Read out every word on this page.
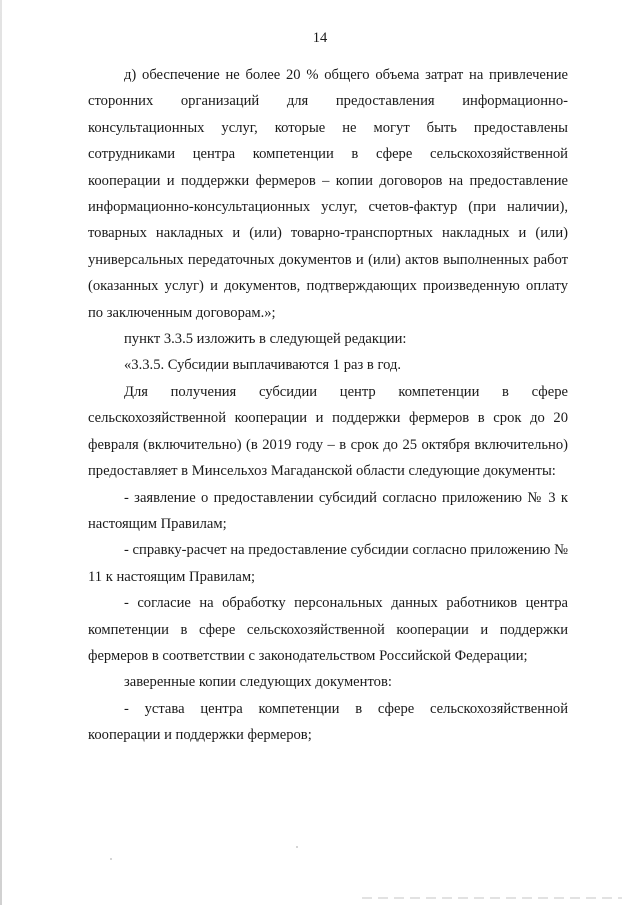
14

д) обеспечение не более 20 % общего объема затрат на привлечение сторонних организаций для предоставления информационно-консультационных услуг, которые не могут быть предоставлены сотрудниками центра компетенции в сфере сельскохозяйственной кооперации и поддержки фермеров – копии договоров на предоставление информационно-консультационных услуг, счетов-фактур (при наличии), товарных накладных и (или) товарно-транспортных накладных и (или) универсальных передаточных документов и (или) актов выполненных работ (оказанных услуг) и документов, подтверждающих произведенную оплату по заключенным договорам.»;

пункт 3.3.5 изложить в следующей редакции:

«3.3.5. Субсидии выплачиваются 1 раз в год.

Для получения субсидии центр компетенции в сфере сельскохозяйственной кооперации и поддержки фермеров в срок до 20 февраля (включительно) (в 2019 году – в срок до 25 октября включительно) предоставляет в Минсельхоз Магаданской области следующие документы:

- заявление о предоставлении субсидий согласно приложению № 3 к настоящим Правилам;

- справку-расчет на предоставление субсидии согласно приложению № 11 к настоящим Правилам;

- согласие на обработку персональных данных работников центра компетенции в сфере сельскохозяйственной кооперации и поддержки фермеров в соответствии с законодательством Российской Федерации;

заверенные копии следующих документов:

- устава центра компетенции в сфере сельскохозяйственной кооперации и поддержки фермеров;
